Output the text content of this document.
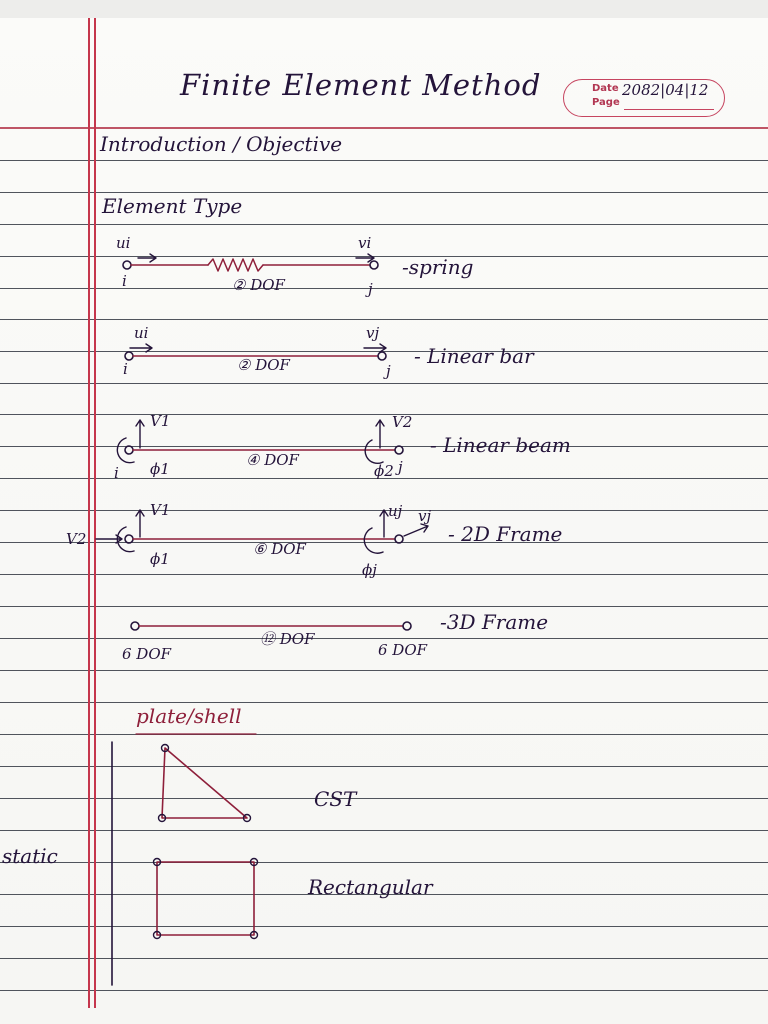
Finite Element Method	Date
Page
2082|04|12
Introduction / Objective
Element Type
ui	vi
i	j
② DOF
-spring
ui	vj
i	j
② DOF	- Linear bar
V1	V2
ϕ1	ϕ2
i	j
④ DOF
- Linear beam
V2
V1
ϕ1
uj vj
ϕj
⑥ DOF
- 2D Frame
⑫ DOF
6 DOF	6 DOF
-3D Frame
plate/shell
CST
Rectangular
static
